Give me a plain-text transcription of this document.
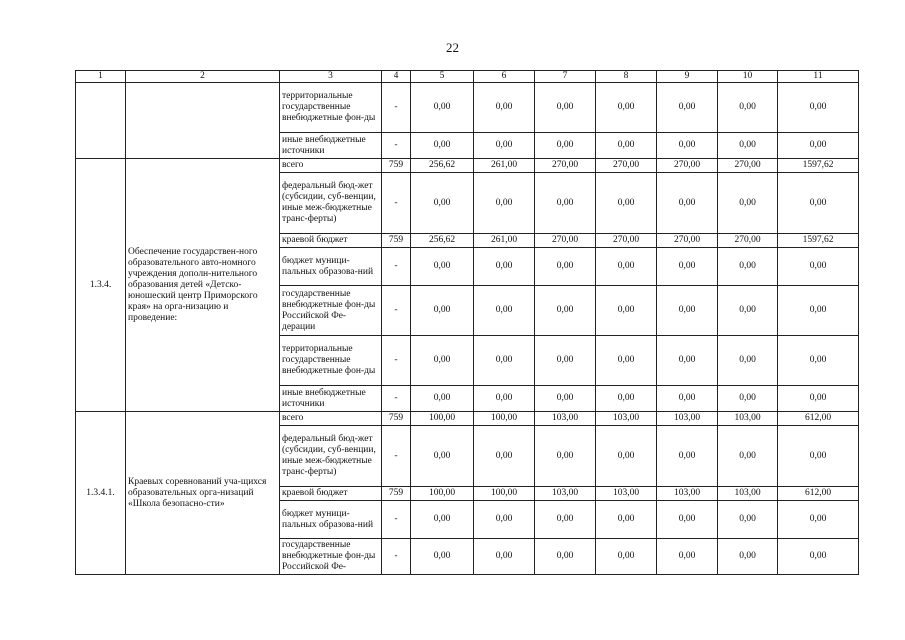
22
1	2	3	4	5	6	7	8	9	10	11
		территориальные государственные внебюджетные фон-ды	-	0,00	0,00	0,00	0,00	0,00	0,00	0,00
		иные внебюджетные источники	-	0,00	0,00	0,00	0,00	0,00	0,00	0,00
1.3.4.	Обеспечение государствен-ного образовательного авто-номного учреждения дополн-нительного образования детей «Детско-юношеский центр Приморского края» на орга-низацию и проведение:	всего	759	256,62	261,00	270,00	270,00	270,00	270,00	1597,62
		федеральный бюд-жет (субсидии, суб-венции, иные меж-бюджетные транс-ферты)	-	0,00	0,00	0,00	0,00	0,00	0,00	0,00
		краевой бюджет	759	256,62	261,00	270,00	270,00	270,00	270,00	1597,62
		бюджет муници-пальных образова-ний	-	0,00	0,00	0,00	0,00	0,00	0,00	0,00
		государственные внебюджетные фон-ды Российской Фе-дерации	-	0,00	0,00	0,00	0,00	0,00	0,00	0,00
		территориальные государственные внебюджетные фон-ды	-	0,00	0,00	0,00	0,00	0,00	0,00	0,00
		иные внебюджетные источники	-	0,00	0,00	0,00	0,00	0,00	0,00	0,00
1.3.4.1.	Краевых соревнований уча-щихся образовательных орга-низаций «Школа безопасно-сти»	всего	759	100,00	100,00	103,00	103,00	103,00	103,00	612,00
		федеральный бюд-жет (субсидии, суб-венции, иные меж-бюджетные транс-ферты)	-	0,00	0,00	0,00	0,00	0,00	0,00	0,00
		краевой бюджет	759	100,00	100,00	103,00	103,00	103,00	103,00	612,00
		бюджет муници-пальных образова-ний	-	0,00	0,00	0,00	0,00	0,00	0,00	0,00
		государственные внебюджетные фон-ды Российской Фе-	-	0,00	0,00	0,00	0,00	0,00	0,00	0,00
